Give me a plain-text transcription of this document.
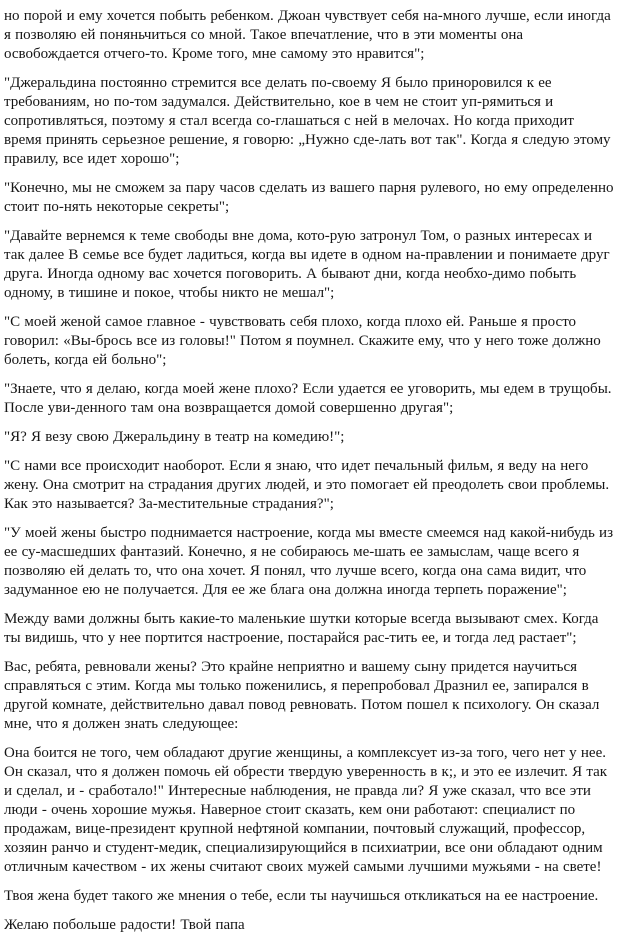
но порой и ему хочется побыть ребенком. Джоан чувствует себя на-много лучше, если иногда я позволяю ей поняньчиться со мной. Такое впечатление, что в эти моменты она освобождается отчего-то. Кроме того, мне самому это нравится";

"Джеральдина постоянно стремится все делать по-своему Я было приноровился к ее требованиям, но по-том задумался. Действительно, кое в чем не стоит уп-рямиться и сопротивляться, поэтому я стал всегда со-глашаться с ней в мелочах. Но когда приходит время принять серьезное решение, я говорю: „Нужно сде-лать вот так". Когда я следую этому правилу, все идет хорошо";

"Конечно, мы не сможем за пару часов сделать из вашего парня рулевого, но ему определенно стоит по-нять некоторые секреты";

"Давайте вернемся к теме свободы вне дома, кото-рую затронул Том, о разных интересах и так далее В семье все будет ладиться, когда вы идете в одном на-правлении и понимаете друг друга. Иногда одному вас хочется поговорить. А бывают дни, когда необхо-димо побыть одному, в тишине и покое, чтобы никто не мешал";

"С моей женой самое главное - чувствовать себя плохо, когда плохо ей. Раньше я просто говорил: «Вы-брось все из головы!" Потом я поумнел. Скажите ему, что у него тоже должно болеть, когда ей больно";

"Знаете, что я делаю, когда моей жене плохо? Если удается ее уговорить, мы едем в трущобы. После уви-денного там она возвращается домой совершенно другая";

"Я? Я везу свою Джеральдину в театр на комедию!";

"С нами все происходит наоборот. Если я знаю, что идет печальный фильм, я веду на него жену. Она смотрит на страдания других людей, и это помогает ей преодолеть свои проблемы. Как это называется? За-местительные страдания?";

"У моей жены быстро поднимается настроение, когда мы вместе смеемся над какой-нибудь из ее су-масшедших фантазий. Конечно, я не собираюсь ме-шать ее замыслам, чаще всего я позволяю ей делать то, что она хочет. Я понял, что лучше всего, когда она сама видит, что задуманное ею не получается. Для ее же блага она должна иногда терпеть поражение";

Между вами должны быть какие-то маленькие шутки которые всегда вызывают смех. Когда ты видишь, что у нее портится настроение, постарайся рас-тить ее, и тогда лед растает";

Вас, ребята, ревновали жены? Это крайне неприятно и вашему сыну придется научиться справляться с этим. Когда мы только поженились, я перепробовал Дразнил ее, запирался в другой комнате, действительно давал повод ревновать. Потом пошел к психологу. Он сказал мне, что я должен знать следующее:

Она боится не того, чем обладают другие женщины, а комплексует из-за того, чего нет у нее. Он сказал, что я должен помочь ей обрести твердую уверенность в к;, и это ее излечит. Я так и сделал, и - сработало!" Интересные наблюдения, не правда ли? Я уже сказал, что все эти люди - очень хорошие мужья. Наверное стоит сказать, кем они работают: специалист по продажам, вице-президент крупной нефтяной компании, почтовый служащий, профессор, хозяин ранчо и студент-медик, специализирующийся в психиатрии, все они обладают одним отличным качеством - их жены считают своих мужей самыми лучшими мужьями - на свете!

Твоя жена будет такого же мнения о тебе, если ты научишься откликаться на ее настроение.

Желаю побольше радости! Твой папа
